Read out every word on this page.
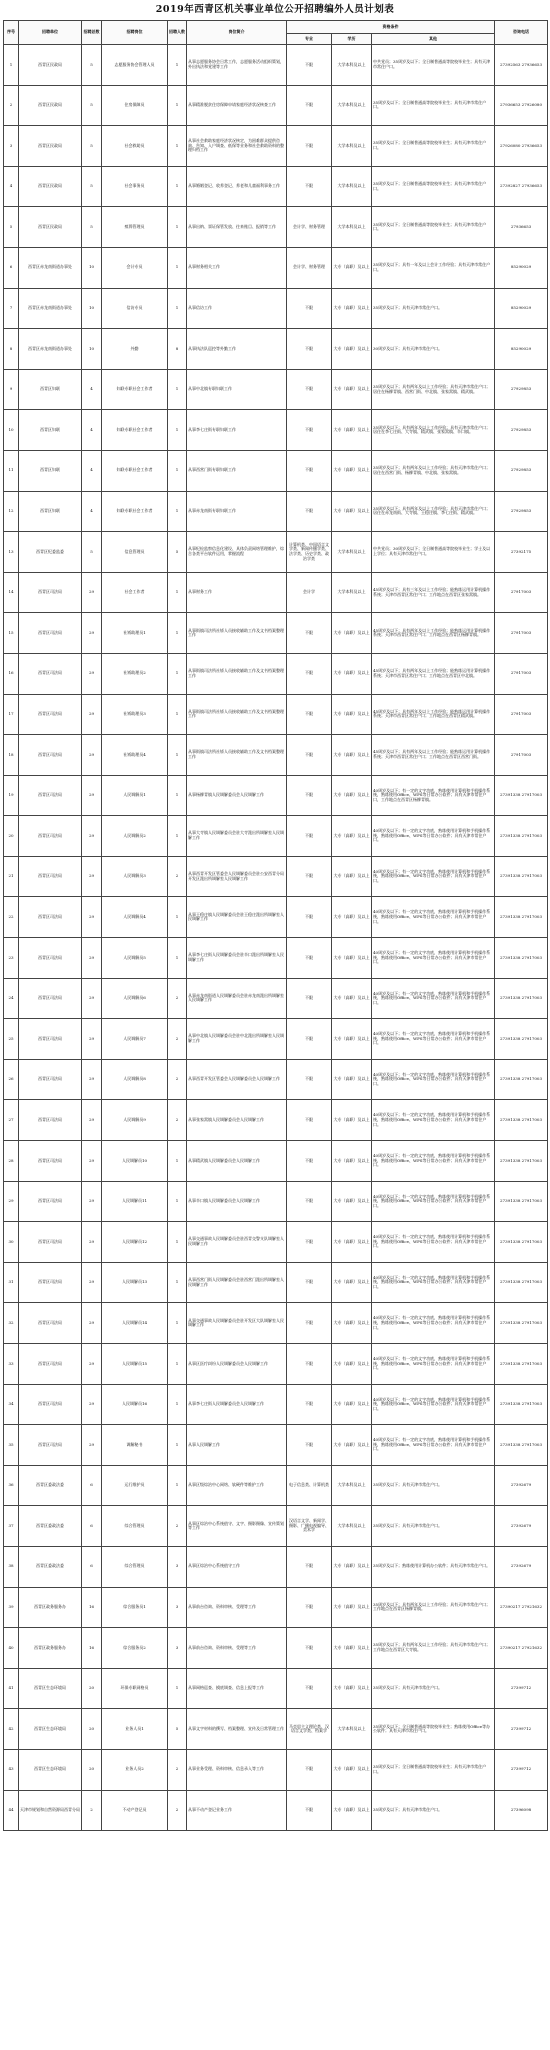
2019年西青区机关事业单位公开招聘编外人员计划表
序号	招聘单位	招聘总数	招聘岗位	招聘人数	岗位简介	资格条件			咨询电话
						专业	学历	其他	
1	西青区民政局	5	志愿服务协会管理人员	1	从事志愿服务协会日常工作，志愿服务活动组织策划，外出执法和党建等工作	不限	大学本科及以上	中共党员；35周岁及以下；全日制普通高等院校毕业生；具有天津市常住户口。	27392563 27936653
2	西青区民政局	5	住房保障员	1	从事精准脱贫住房保障申请家庭经济状况核查工作	不限	大学本科及以上	35周岁及以下；全日制普通高等院校毕业生；具有天津市常住户口。	27936653 27926080
3	西青区民政局	5	社会救助员	1	从事社会救助家庭经济状况核定，为困难群众提供咨询、告知、入户调查、低保等业务和社会救助资料的整理归档工作	不限	大学本科及以上	35周岁及以下；全日制普通高等院校毕业生；具有天津市常住户口。	27926080 27936653
4	西青区民政局	5	社会事务员	1	从事婚姻登记、收养登记、养老和儿童福利事务工作	不限	大学本科及以上	35周岁及以下；全日制普通高等院校毕业生；具有天津市常住户口。	27392827 27936653
5	西青区民政局	5	殡葬管理员	1	从事出纳、票证保管发放、往来账目、报销等工作	会计学、财务管理	大学本科及以上	35周岁及以下；全日制普通高等院校毕业生；具有天津市常住户口。	27936653
6	西青区赤龙南街道办事处	10	会计专员	1	从事财务相关工作	会计学、财务管理	大专（高职）及以上	35周岁及以下；具有一年及以上会计工作经验；具有天津市常住户口。	85290029
7	西青区赤龙南街道办事处	10	信访专员	1	从事信访工作	不限	大专（高职）及以上	35周岁及以下；具有天津市常住户口。	85290029
8	西青区赤龙南街道办事处	10	外勤	8	从事执法队巡控等外勤工作	不限	大专（高职）及以上	30周岁及以下；具有天津市常住户口。	85290029
9	西青区妇联	4	妇联专职社会工作者	1	从事中北镇专职妇联工作	不限	大专（高职）及以上	35周岁及以下；具有两年及以上工作经验；具有天津市常住户口；居住在杨柳青镇、西营门街、中北镇、张家窝镇、精武镇。	27929853
10	西青区妇联	4	妇联专职社会工作者	1	从事李七庄街专职妇联工作	不限	大专（高职）及以上	35周岁及以下；具有两年及以上工作经验；具有天津市常住户口；居住在李七庄街、大寺镇、精武镇、张家窝镇、辛口镇。	27929853
11	西青区妇联	4	妇联专职社会工作者	1	从事西营门街专职妇联工作	不限	大专（高职）及以上	35周岁及以下；具有两年及以上工作经验；具有天津市常住户口；居住在西营门街、杨柳青镇、中北镇、张家窝镇。	27929853
12	西青区妇联	4	妇联专职社会工作者	1	从事赤龙南街专职妇联工作	不限	大专（高职）及以上	35周岁及以下；具有两年及以上工作经验；具有天津市常住户口；居住在赤龙南街、大寺镇、王稳庄镇、李七庄街、精武镇。	27929853
13	西青区纪委监委	5	信息管理员	5	从事纪检监察信息化建设、具体负责网络管理维护，综合各类平台软件运用，掌握流程	计算机类、中国语言文学类、新闻传播学类、法学类、历史学类、政治学类	大学本科及以上	中共党员；30周岁及以下；全日制普通高等院校毕业生；学士及以上学位；具有天津市常住户口。	27392175
14	西青区司法局	29	社会工作者	1	从事财务工作	会计学	大学本科及以上	45周岁及以下；具有三年及以上工作经验；能熟练运用计算机操作系统；天津市西青区常住户口；工作地点在西青区张家窝镇。	27917003
15	西青区司法局	29	社矫助理员1	1	从事街镇司法所社矫人员接收辅助工作及文书档案整理工作	不限	大专（高职）及以上	45周岁及以下；具有两年及以上工作经验；能熟练运用计算机操作系统；天津市西青区常住户口；工作地点在西青区杨柳青镇。	27917003
16	西青区司法局	29	社矫助理员2	1	从事街镇司法所社矫人员接收辅助工作及文书档案整理工作	不限	大专（高职）及以上	45周岁及以下；具有两年及以上工作经验；能熟练运用计算机操作系统；天津市西青区常住户口；工作地点在西青区中北镇。	27917003
17	西青区司法局	29	社矫助理员3	1	从事街镇司法所社矫人员接收辅助工作及文书档案整理工作	不限	大专（高职）及以上	45周岁及以下；具有两年及以上工作经验；能熟练运用计算机操作系统；天津市西青区常住户口；工作地点在西青区精武镇。	27917003
18	西青区司法局	29	社矫助理员4	1	从事街镇司法所社矫人员接收辅助工作及文书档案整理工作	不限	大专（高职）及以上	45周岁及以下；具有两年及以上工作经验；能熟练运用计算机操作系统；天津市西青区常住户口；工作地点在西青区西营门街。	27917003
19	西青区司法局	29	人民调解员1	1	从事杨柳青镇人民调解委员会人民调解工作	不限	大专（高职）及以上	40周岁及以下；有一定的文字功底，熟练使用计算机和手机操作系统，熟练使用Office、WPS等日常办公软件；具有天津市常住户口，工作地点在西青区杨柳青镇。	27391338 27917003
20	西青区司法局	29	人民调解员2	1	从事大寺镇人民调解委员会驻大寺派出所调解室人民调解工作	不限	大专（高职）及以上	40周岁及以下；有一定的文字功底，熟练使用计算机和手机操作系统，熟练使用Office、WPS等日常办公软件；具有天津市常住户口。	27391338 27917003
21	西青区司法局	29	人民调解员3	2	从事西青开发区管委会人民调解委员会驻公安西青分局开发区派出所调解室人民调解工作	不限	大专（高职）及以上	40周岁及以下；有一定的文字功底，熟练使用计算机和手机操作系统，熟练使用Office、WPS等日常办公软件；具有天津市常住户口。	27391338 27917003
22	西青区司法局	29	人民调解员4	1	从事王稳庄镇人民调解委员会驻王稳庄派出所调解室人民调解工作	不限	大专（高职）及以上	40周岁及以下；有一定的文字功底，熟练使用计算机和手机操作系统，熟练使用Office、WPS等日常办公软件；具有天津市常住户口。	27391338 27917003
23	西青区司法局	29	人民调解员5	1	从事李七庄街人民调解委员会驻辛口派出所调解室人民调解工作	不限	大专（高职）及以上	40周岁及以下；有一定的文字功底，熟练使用计算机和手机操作系统，熟练使用Office、WPS等日常办公软件；具有天津市常住户口。	27391338 27917003
24	西青区司法局	29	人民调解员6	2	从事赤龙南街道人民调解委员会驻赤龙南派出所调解室人民调解工作	不限	大专（高职）及以上	40周岁及以下；有一定的文字功底，熟练使用计算机和手机操作系统，熟练使用Office、WPS等日常办公软件；具有天津市常住户口。	27391338 27917003
25	西青区司法局	29	人民调解员7	2	从事中北镇人民调解委员会驻中北派出所调解室人民调解工作	不限	大专（高职）及以上	40周岁及以下；有一定的文字功底，熟练使用计算机和手机操作系统，熟练使用Office、WPS等日常办公软件；具有天津市常住户口。	27391338 27917003
26	西青区司法局	29	人民调解员8	2	从事西青开发区管委会人民调解委员会人民调解工作	不限	大专（高职）及以上	40周岁及以下；有一定的文字功底，熟练使用计算机和手机操作系统，熟练使用Office、WPS等日常办公软件；具有天津市常住户口。	27391338 27917003
27	西青区司法局	29	人民调解员9	2	从事张家窝镇人民调解委员会人民调解工作	不限	大专（高职）及以上	40周岁及以下；有一定的文字功底，熟练使用计算机和手机操作系统，熟练使用Office、WPS等日常办公软件；具有天津市常住户口。	27391338 27917003
28	西青区司法局	29	人民调解员10	1	从事精武镇人民调解委员会人民调解工作	不限	大专（高职）及以上	40周岁及以下；有一定的文字功底，熟练使用计算机和手机操作系统，熟练使用Office、WPS等日常办公软件；具有天津市常住户口。	27391338 27917003
29	西青区司法局	29	人民调解员11	1	从事辛口镇人民调解委员会人民调解工作	不限	大专（高职）及以上	40周岁及以下；有一定的文字功底，熟练使用计算机和手机操作系统，熟练使用Office、WPS等日常办公软件；具有天津市常住户口。	27391338 27917003
30	西青区司法局	29	人民调解员12	1	从事交通事故人民调解委员会驻西青交警支队调解室人民调解工作	不限	大专（高职）及以上	40周岁及以下；有一定的文字功底，熟练使用计算机和手机操作系统，熟练使用Office、WPS等日常办公软件；具有天津市常住户口。	27391338 27917003
31	西青区司法局	29	人民调解员13	1	从事西营门街人民调解委员会驻西营门派出所调解室人民调解工作	不限	大专（高职）及以上	40周岁及以下；有一定的文字功底，熟练使用计算机和手机操作系统，熟练使用Office、WPS等日常办公软件；具有天津市常住户口。	27391338 27917003
32	西青区司法局	29	人民调解员14	1	从事交通事故人民调解委员会驻开发区大队调解室人民调解工作	不限	大专（高职）及以上	40周岁及以下；有一定的文字功底，熟练使用计算机和手机操作系统，熟练使用Office、WPS等日常办公软件；具有天津市常住户口。	27391338 27917003
33	西青区司法局	29	人民调解员15	1	从事区医疗纠纷人民调解委员会人民调解工作	不限	大专（高职）及以上	40周岁及以下；有一定的文字功底，熟练使用计算机和手机操作系统，熟练使用Office、WPS等日常办公软件；具有天津市常住户口。	27391338 27917003
34	西青区司法局	29	人民调解员16	1	从事李七庄街人民调解委员会人民调解工作	不限	大专（高职）及以上	40周岁及以下；有一定的文字功底，熟练使用计算机和手机操作系统，熟练使用Office、WPS等日常办公软件；具有天津市常住户口。	27391338 27917003
35	西青区司法局	29	调解秘书	1	从事人民调解工作	不限	大专（高职）及以上	40周岁及以下；有一定的文字功底，熟练使用计算机和手机操作系统，熟练使用Office、WPS等日常办公软件；具有天津市常住户口。	27391338 27917003
36	西青区委政法委	6	运行维护员	1	从事区级综治中心网络、软硬件等维护工作	电子信息类、计算机类	大学本科及以上	35周岁及以下；具有天津市常住户口。	27392679
37	西青区委政法委	6	综合管理员	2	从事区综治中心系统值守、文字、摄影摄像、宣传策划等工作	汉语言文学、新闻学、摄影、广播电视编导、美术学	大学本科及以上	35周岁及以下；具有天津市常住户口。	27392679
38	西青区委政法委	6	综合管理员	3	从事区综治中心系统值守工作	不限	大专（高职）及以上	35周岁及以下；熟练使用计算机办公软件；具有天津市常住户口。	27392679
39	西青区政务服务办	16	综合服务员1	3	从事前台咨询、资料审核、受理等工作	不限	大专（高职）及以上	35周岁及以下；具有两年及以上工作经验；具有天津市常住户口；工作地点在西青区杨柳青镇。	27390217 27921632
40	西青区政务服务办	16	综合服务员2	3	从事前台咨询、资料审核、受理等工作	不限	大专（高职）及以上	35周岁及以下；具有两年及以上工作经验；具有天津市常住户口；工作地点在西青区大寺镇。	27390217 27921632
41	西青区生态环境局	20	环保专职网格员	1	从事网格巡查、摸底调查、信息上报等工作	不限	大专（高职）及以上	35周岁及以下；具有天津市常住户口。	27399712
42	西青区生态环境局	20	业务人员1	5	从事文字材料的撰写、档案整理、宣传及日常管理工作	马克思主义理论类、汉语言文学类、档案学	大学本科及以上	35周岁及以下；全日制普通高等院校毕业生；熟练使用Office等办公软件；具有天津市常住户口。	27399712
43	西青区生态环境局	20	业务人员2	2	从事业务受理、资料审核、信息录入等工作	不限	大专（高职）及以上	35周岁及以下；全日制普通高等院校毕业生；具有天津市常住户口。	27399712
44	天津市规划和自然资源局西青分局	2	不动产登记员	2	从事不动产登记业务工作	不限	大专（高职）及以上	35周岁及以下；具有天津市常住户口。	27396098
